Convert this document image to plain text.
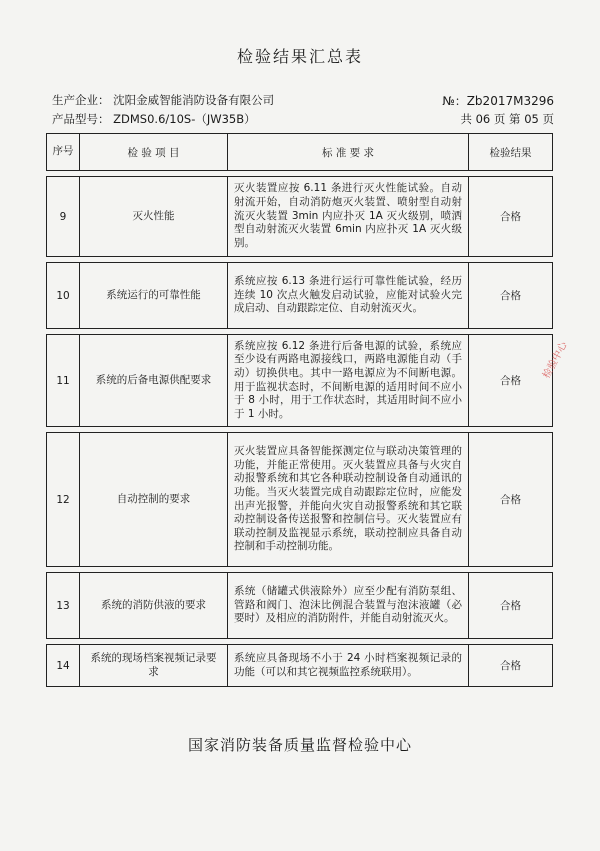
检验结果汇总表
生产企业： 沈阳金威智能消防设备有限公司
产品型号： ZDMS0.6/10S-（JW35B）
№：Zb2017M3296
共 06 页 第 05 页
序号	检 验 项 目	标 准 要 求	检验结果

9	灭火性能	灭火装置应按 6.11 条进行灭火性能试验。自动射流开始，自动消防炮灭火装置、喷射型自动射流灭火装置 3min 内应扑灭 1A 灭火级别，喷洒型自动射流灭火装置 6min 内应扑灭 1A 灭火级别。	合格

10	系统运行的可靠性能	系统应按 6.13 条进行运行可靠性能试验，经历连续 10 次点火触发启动试验，应能对试验火完成启动、自动跟踪定位、自动射流灭火。	合格

11	系统的后备电源供配要求	系统应按 6.12 条进行后备电源的试验，系统应至少设有两路电源接线口，两路电源能自动（手动）切换供电。其中一路电源应为不间断电源。用于监视状态时，不间断电源的适用时间不应小于 8 小时，用于工作状态时，其适用时间不应小于 1 小时。	合格

12	自动控制的要求	灭火装置应具备智能探测定位与联动决策管理的功能，并能正常使用。灭火装置应具备与火灾自动报警系统和其它各种联动控制设备自动通讯的功能。当灭火装置完成自动跟踪定位时，应能发出声光报警，并能向火灾自动报警系统和其它联动控制设备传送报警和控制信号。灭火装置应有联动控制及监视显示系统，联动控制应具备自动控制和手动控制功能。	合格

13	系统的消防供液的要求	系统（储罐式供液除外）应至少配有消防泵组、管路和阀门、泡沫比例混合装置与泡沫液罐（必要时）及相应的消防附件，并能自动射流灭火。	合格

14	系统的现场档案视频记录要求	系统应具备现场不小于 24 小时档案视频记录的功能（可以和其它视频监控系统联用）。	合格
检验中心
国家消防装备质量监督检验中心
